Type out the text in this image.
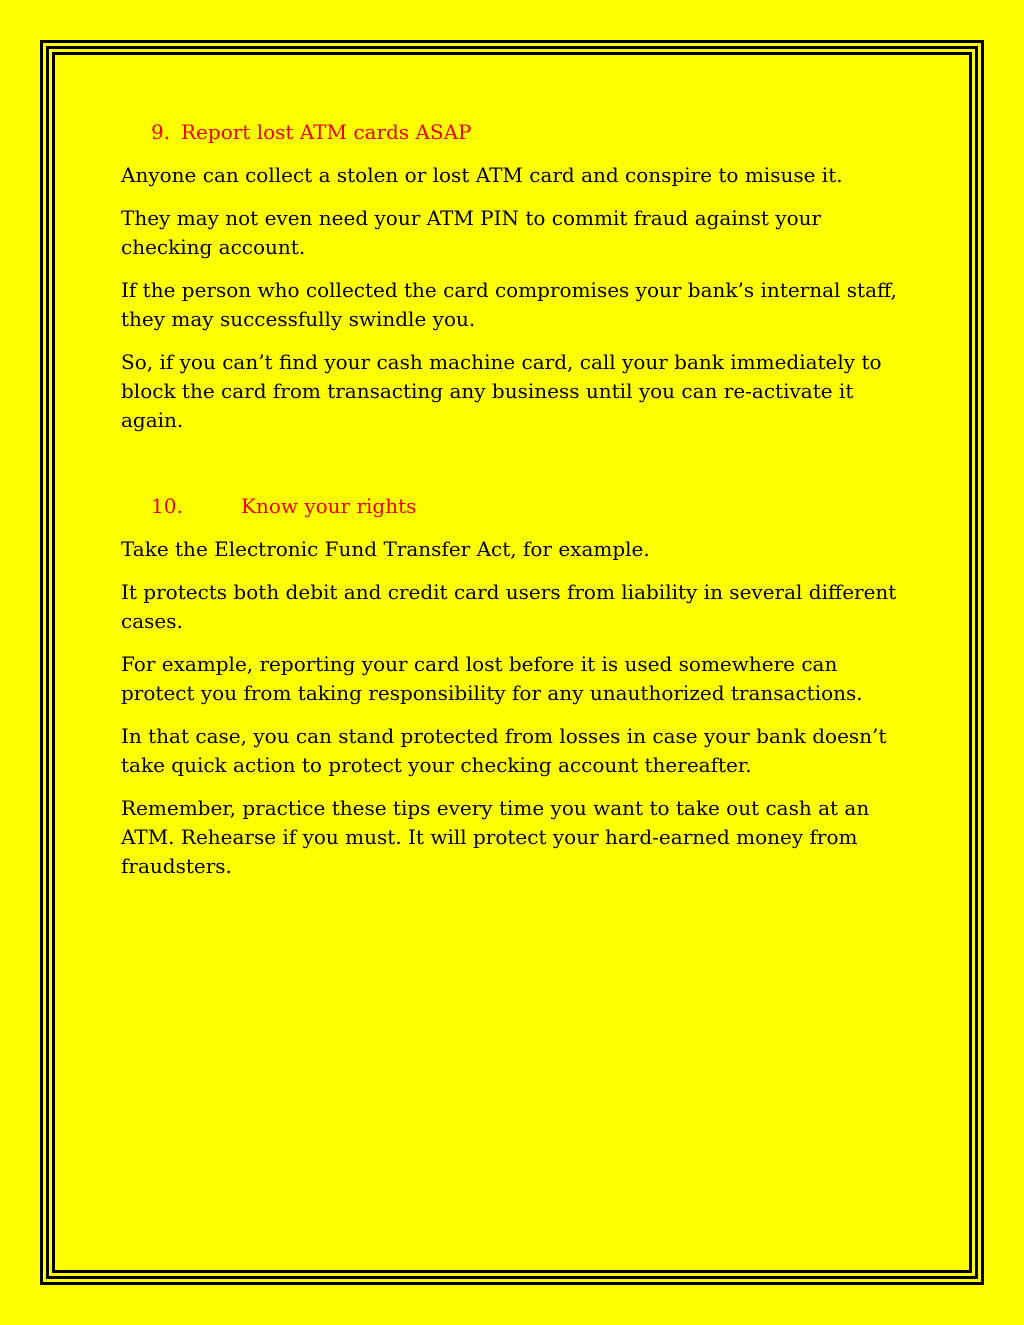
9. Report lost ATM cards ASAP

Anyone can collect a stolen or lost ATM card and conspire to misuse it.

They may not even need your ATM PIN to commit fraud against your checking account.

If the person who collected the card compromises your bank’s internal staff, they may successfully swindle you.

So, if you can’t find your cash machine card, call your bank immediately to block the card from transacting any business until you can re-activate it again.

10.	Know your rights

Take the Electronic Fund Transfer Act, for example.

It protects both debit and credit card users from liability in several different cases.

For example, reporting your card lost before it is used somewhere can protect you from taking responsibility for any unauthorized transactions.

In that case, you can stand protected from losses in case your bank doesn’t take quick action to protect your checking account thereafter.

Remember, practice these tips every time you want to take out cash at an ATM. Rehearse if you must. It will protect your hard-earned money from fraudsters.
